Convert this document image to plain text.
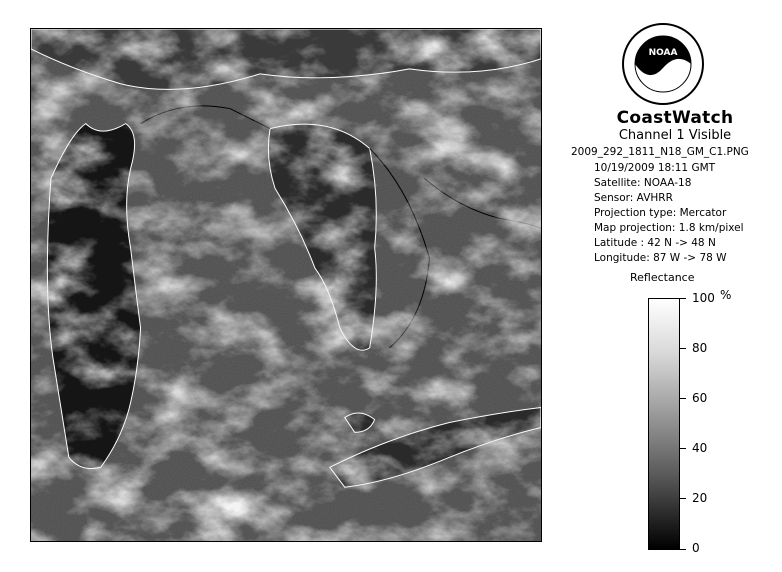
NOAA
CoastWatch
Channel 1 Visible
2009_292_1811_N18_GM_C1.PNG
10/19/2009 18:11 GMT
Satellite: NOAA-18
Sensor: AVHRR
Projection type: Mercator
Map projection: 1.8 km/pixel
Latitude : 42 N -> 48 N
Longitude: 87 W -> 78 W
Reflectance
%
100
80
60
40
20
0
